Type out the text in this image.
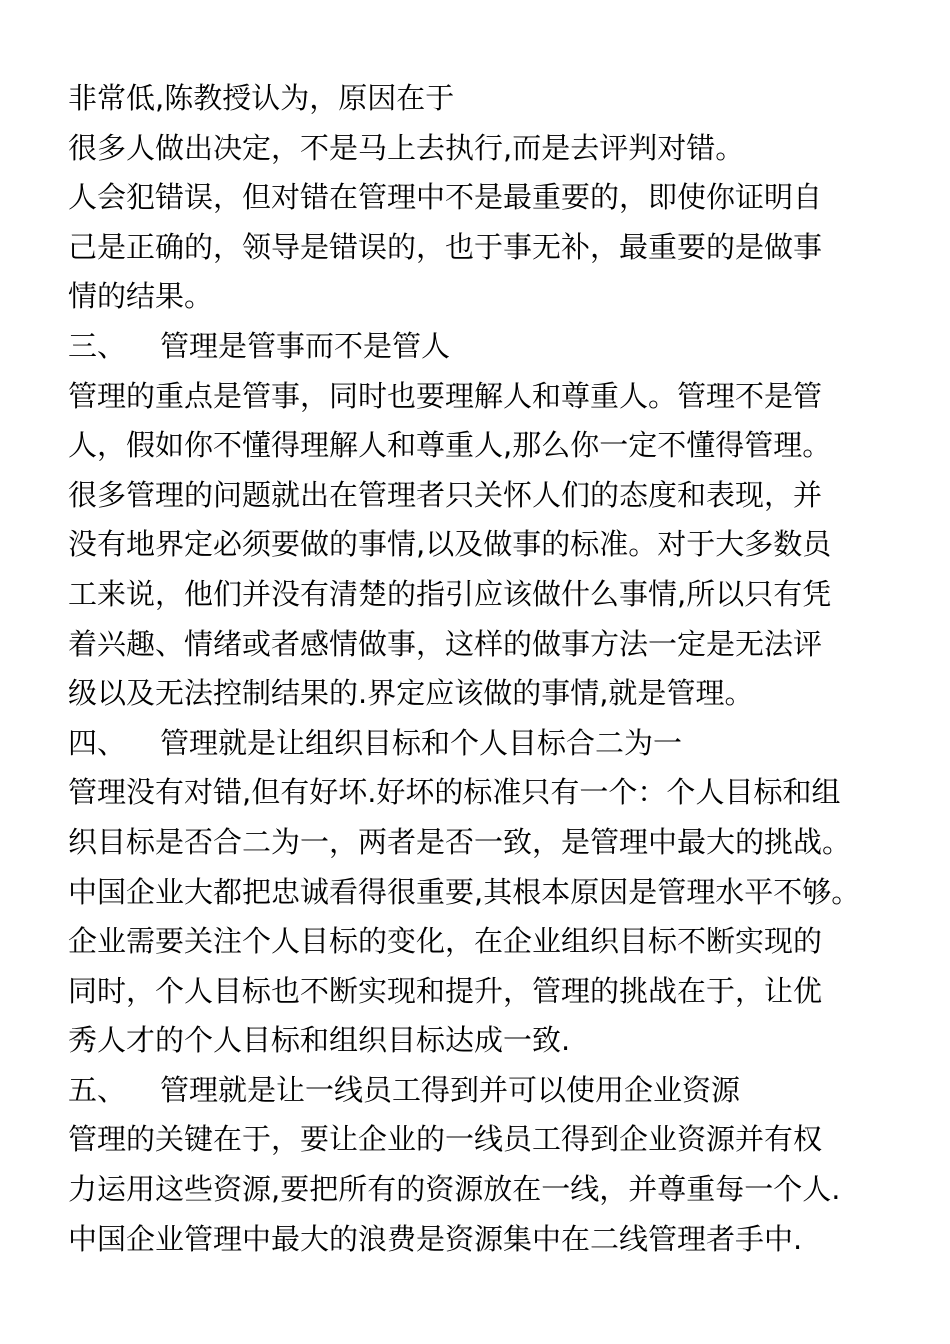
非常低,陈教授认为，原因在于
很多人做出决定，不是马上去执行,而是去评判对错。
人会犯错误，但对错在管理中不是最重要的，即使你证明自
己是正确的，领导是错误的，也于事无补，最重要的是做事
情的结果。
三、 管理是管事而不是管人
管理的重点是管事，同时也要理解人和尊重人。管理不是管
人，假如你不懂得理解人和尊重人,那么你一定不懂得管理。
很多管理的问题就出在管理者只关怀人们的态度和表现，并
没有地界定必须要做的事情,以及做事的标准。对于大多数员
工来说，他们并没有清楚的指引应该做什么事情,所以只有凭
着兴趣、情绪或者感情做事，这样的做事方法一定是无法评
级以及无法控制结果的.界定应该做的事情,就是管理。
四、 管理就是让组织目标和个人目标合二为一
管理没有对错,但有好坏.好坏的标准只有一个：个人目标和组
织目标是否合二为一，两者是否一致，是管理中最大的挑战。
中国企业大都把忠诚看得很重要,其根本原因是管理水平不够。
企业需要关注个人目标的变化，在企业组织目标不断实现的
同时，个人目标也不断实现和提升，管理的挑战在于，让优
秀人才的个人目标和组织目标达成一致.
五、 管理就是让一线员工得到并可以使用企业资源
管理的关键在于，要让企业的一线员工得到企业资源并有权
力运用这些资源,要把所有的资源放在一线，并尊重每一个人.
中国企业管理中最大的浪费是资源集中在二线管理者手中.
